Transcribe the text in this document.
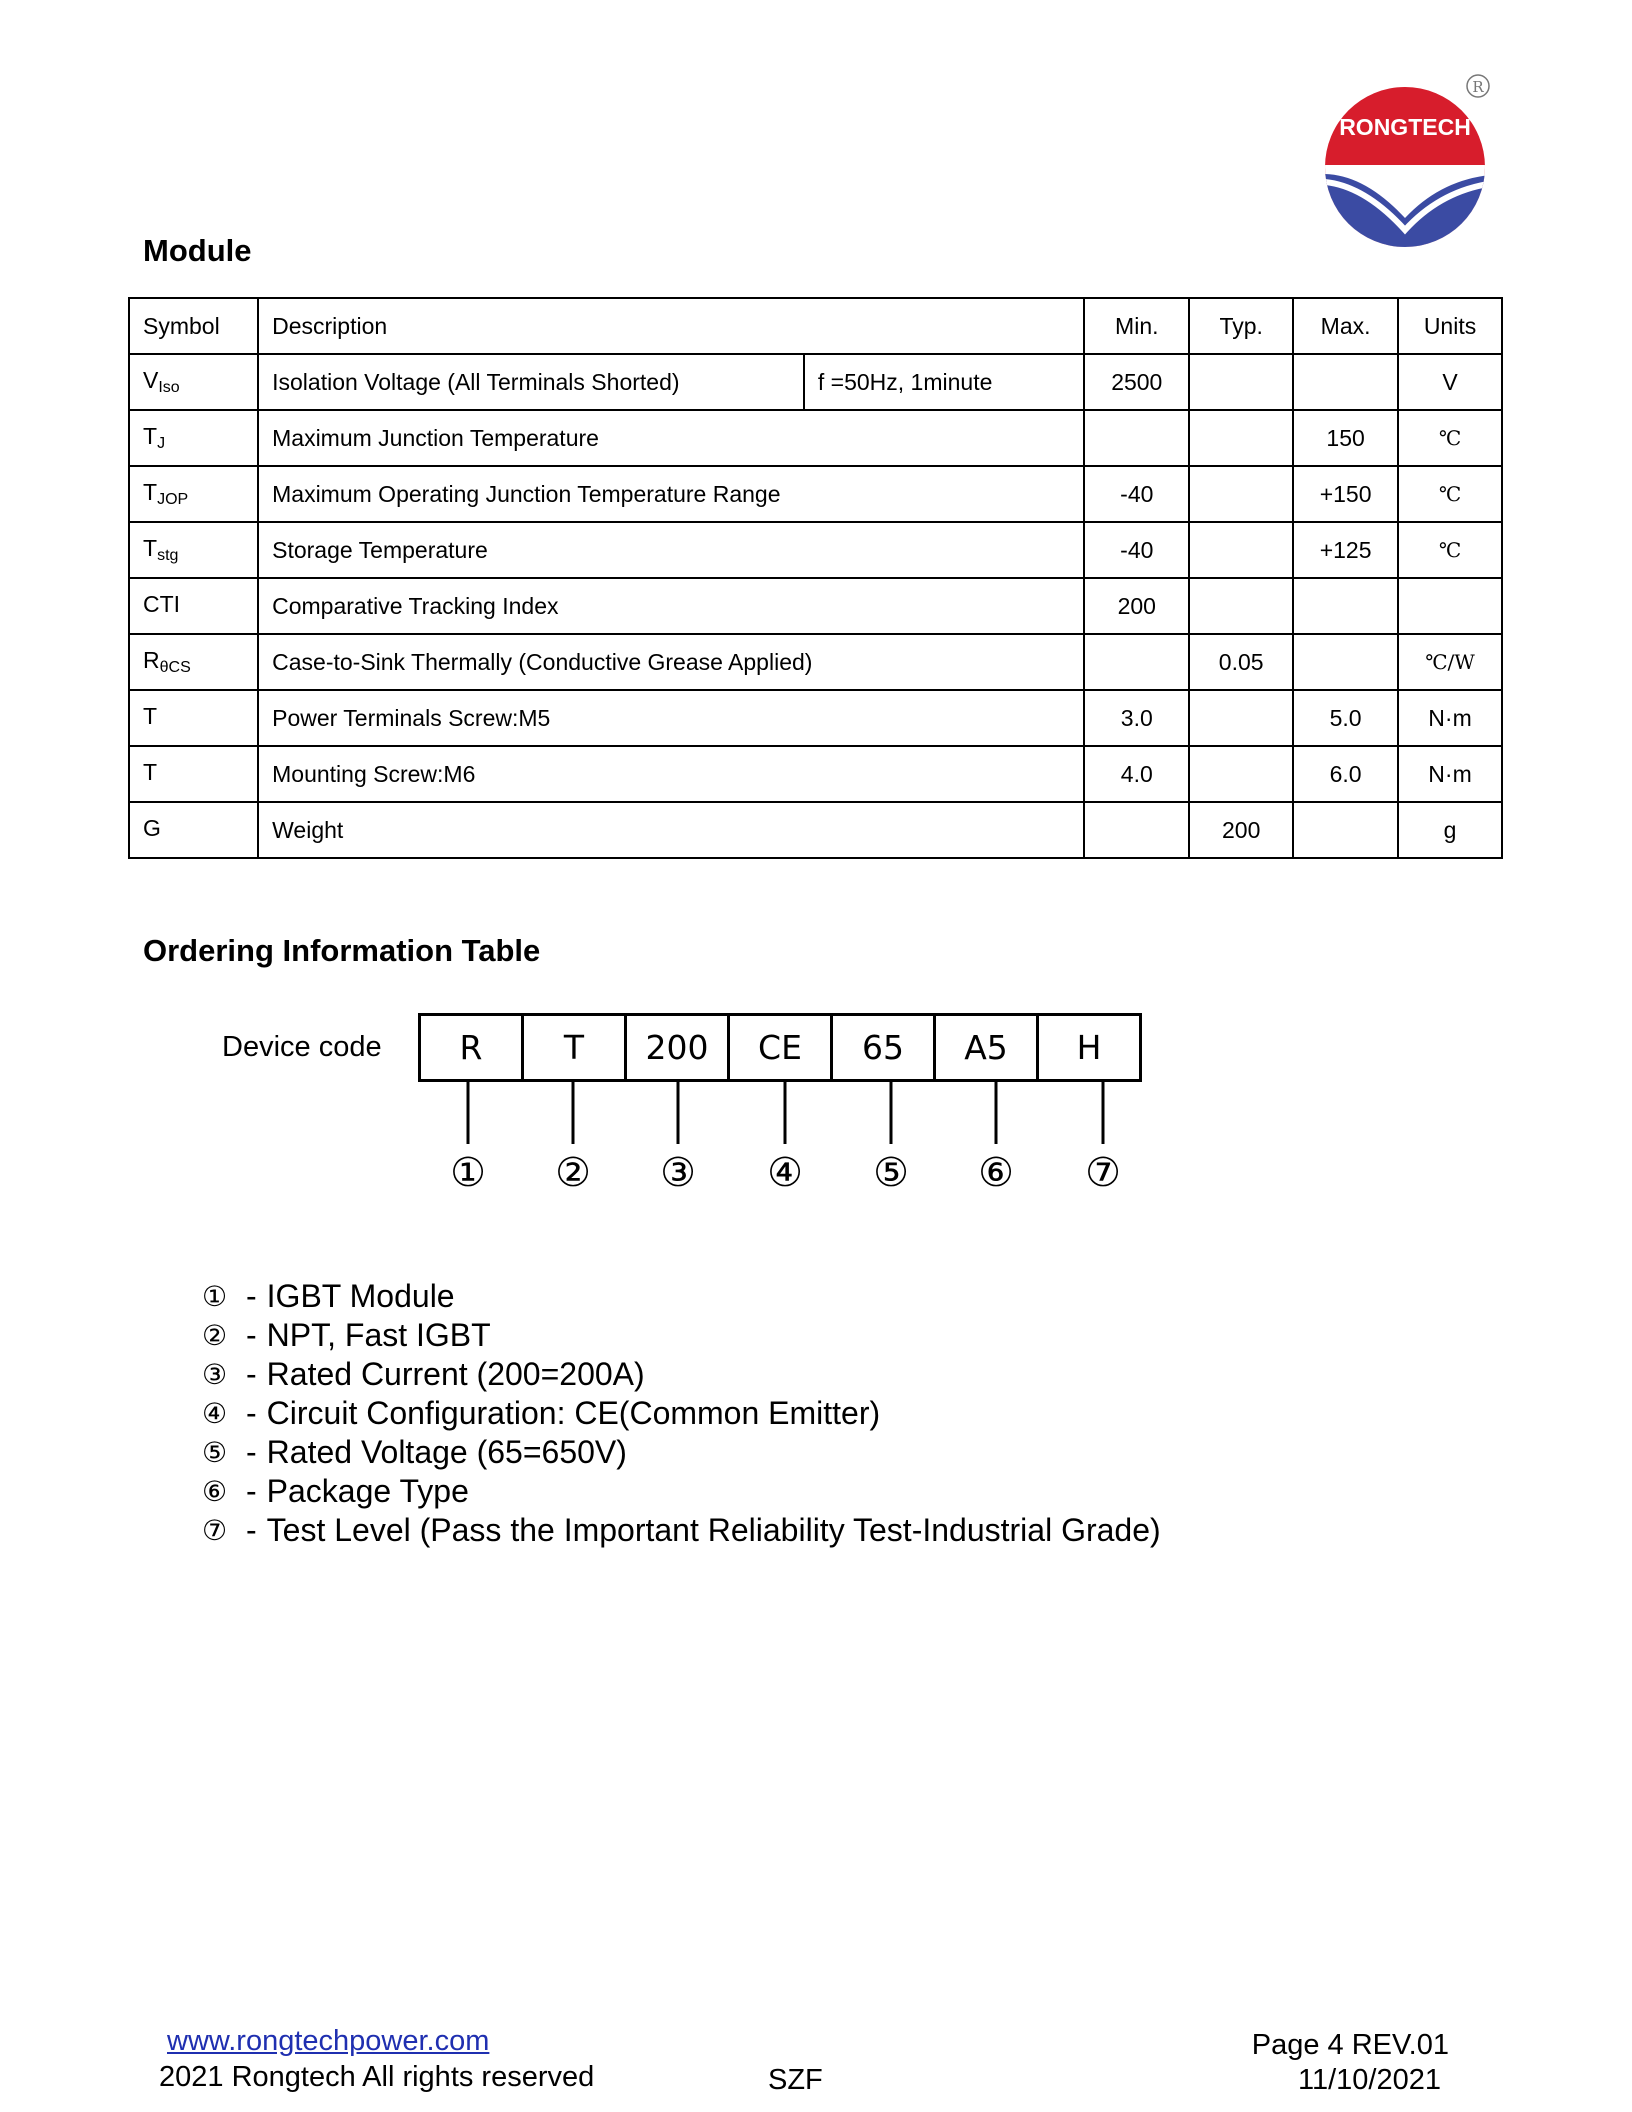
RONGTECH
R
Module
Symbol	Description		Min.	Typ.	Max.	Units
$V_{Iso}$	Isolation Voltage (All Terminals Shorted)	f =50Hz, 1minute	2500			V
$T_J$	Maximum Junction Temperature				150	℃
$T_{JOP}$	Maximum Operating Junction Temperature Range		-40		+150	℃
$T_{stg}$	Storage Temperature		-40		+125	℃
CTI	Comparative Tracking Index		200			
$R_{\theta CS}$	Case-to-Sink Thermally (Conductive Grease Applied)			0.05		℃/W
T	Power Terminals Screw:M5		3.0		5.0	N·m
T	Mounting Screw:M6		4.0		6.0	N·m
G	Weight			200		g
Ordering Information Table
Device code R	T	200	CE	65	A5	H
① ② ③ ④ ⑤ ⑥ ⑦
① - IGBT Module
② - NPT, Fast IGBT
③ - Rated Current (200=200A)
④ - Circuit Configuration: CE(Common Emitter)
⑤ - Rated Voltage (65=650V)
⑥ - Package Type
⑦ - Test Level (Pass the Important Reliability Test-Industrial Grade)
www.rongtechpower.com
2021 Rongtech All rights reserved	SZF
Page 4 REV.01
11/10/2021
